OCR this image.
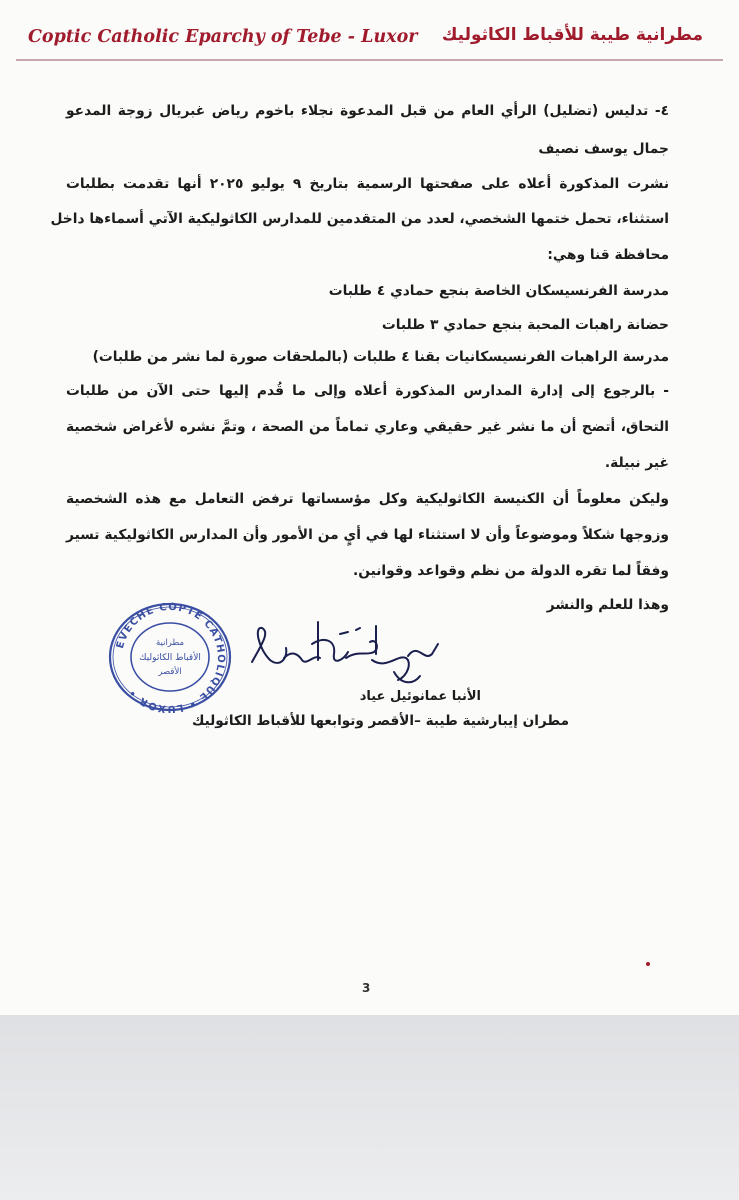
Coptic Catholic Eparchy of Tebe - Luxor مطرانية طيبة للأقباط الكاثوليك
٤- تدليس (تضليل) الرأي العام من قبل المدعوة نجلاء باخوم رياض غبريال زوجة المدعو
جمال يوسف نصيف
نشرت المذكورة أعلاه على صفحتها الرسمية بتاريخ ٩ يوليو ٢٠٢٥ أنها تقدمت بطلبات
استثناء، تحمل ختمها الشخصي، لعدد من المتقدمين للمدارس الكاثوليكية الآتي أسماءها داخل
محافظة قنا وهي:
مدرسة الفرنسيسكان الخاصة بنجع حمادي ٤ طلبات
حضانة راهبات المحبة بنجع حمادي ٣ طلبات
مدرسة الراهبات الفرنسيسكانيات بقنا ٤ طلبات (بالملحقات صورة لما نشر من طلبات)
- بالرجوع إلى إدارة المدارس المذكورة أعلاه وإلى ما قُدم إليها حتى الآن من طلبات
التحاق، أتضح أن ما نشر غير حقيقي وعاري تماماً من الصحة ، وتمَّ نشره لأغراض شخصية
غير نبيلة.
وليكن معلوماً أن الكنيسة الكاثوليكية وكل مؤسساتها ترفض التعامل مع هذه الشخصية
وزوجها شكلاً وموضوعاً وأن لا استثناء لها في أيٍ من الأمور وأن المدارس الكاثوليكية تسير
وفقاً لما تقره الدولة من نظم وقواعد وقوانين.
وهذا للعلم والنشر
EVECHE COPTE CATHOLIQUE • LUXOR •
مطرانية
الأقباط الكاثوليك
الأقصر
الأنبا عمانوئيل عياد
مطران إيبارشية طيبة –الأقصر وتوابعها للأقباط الكاثوليك
3
